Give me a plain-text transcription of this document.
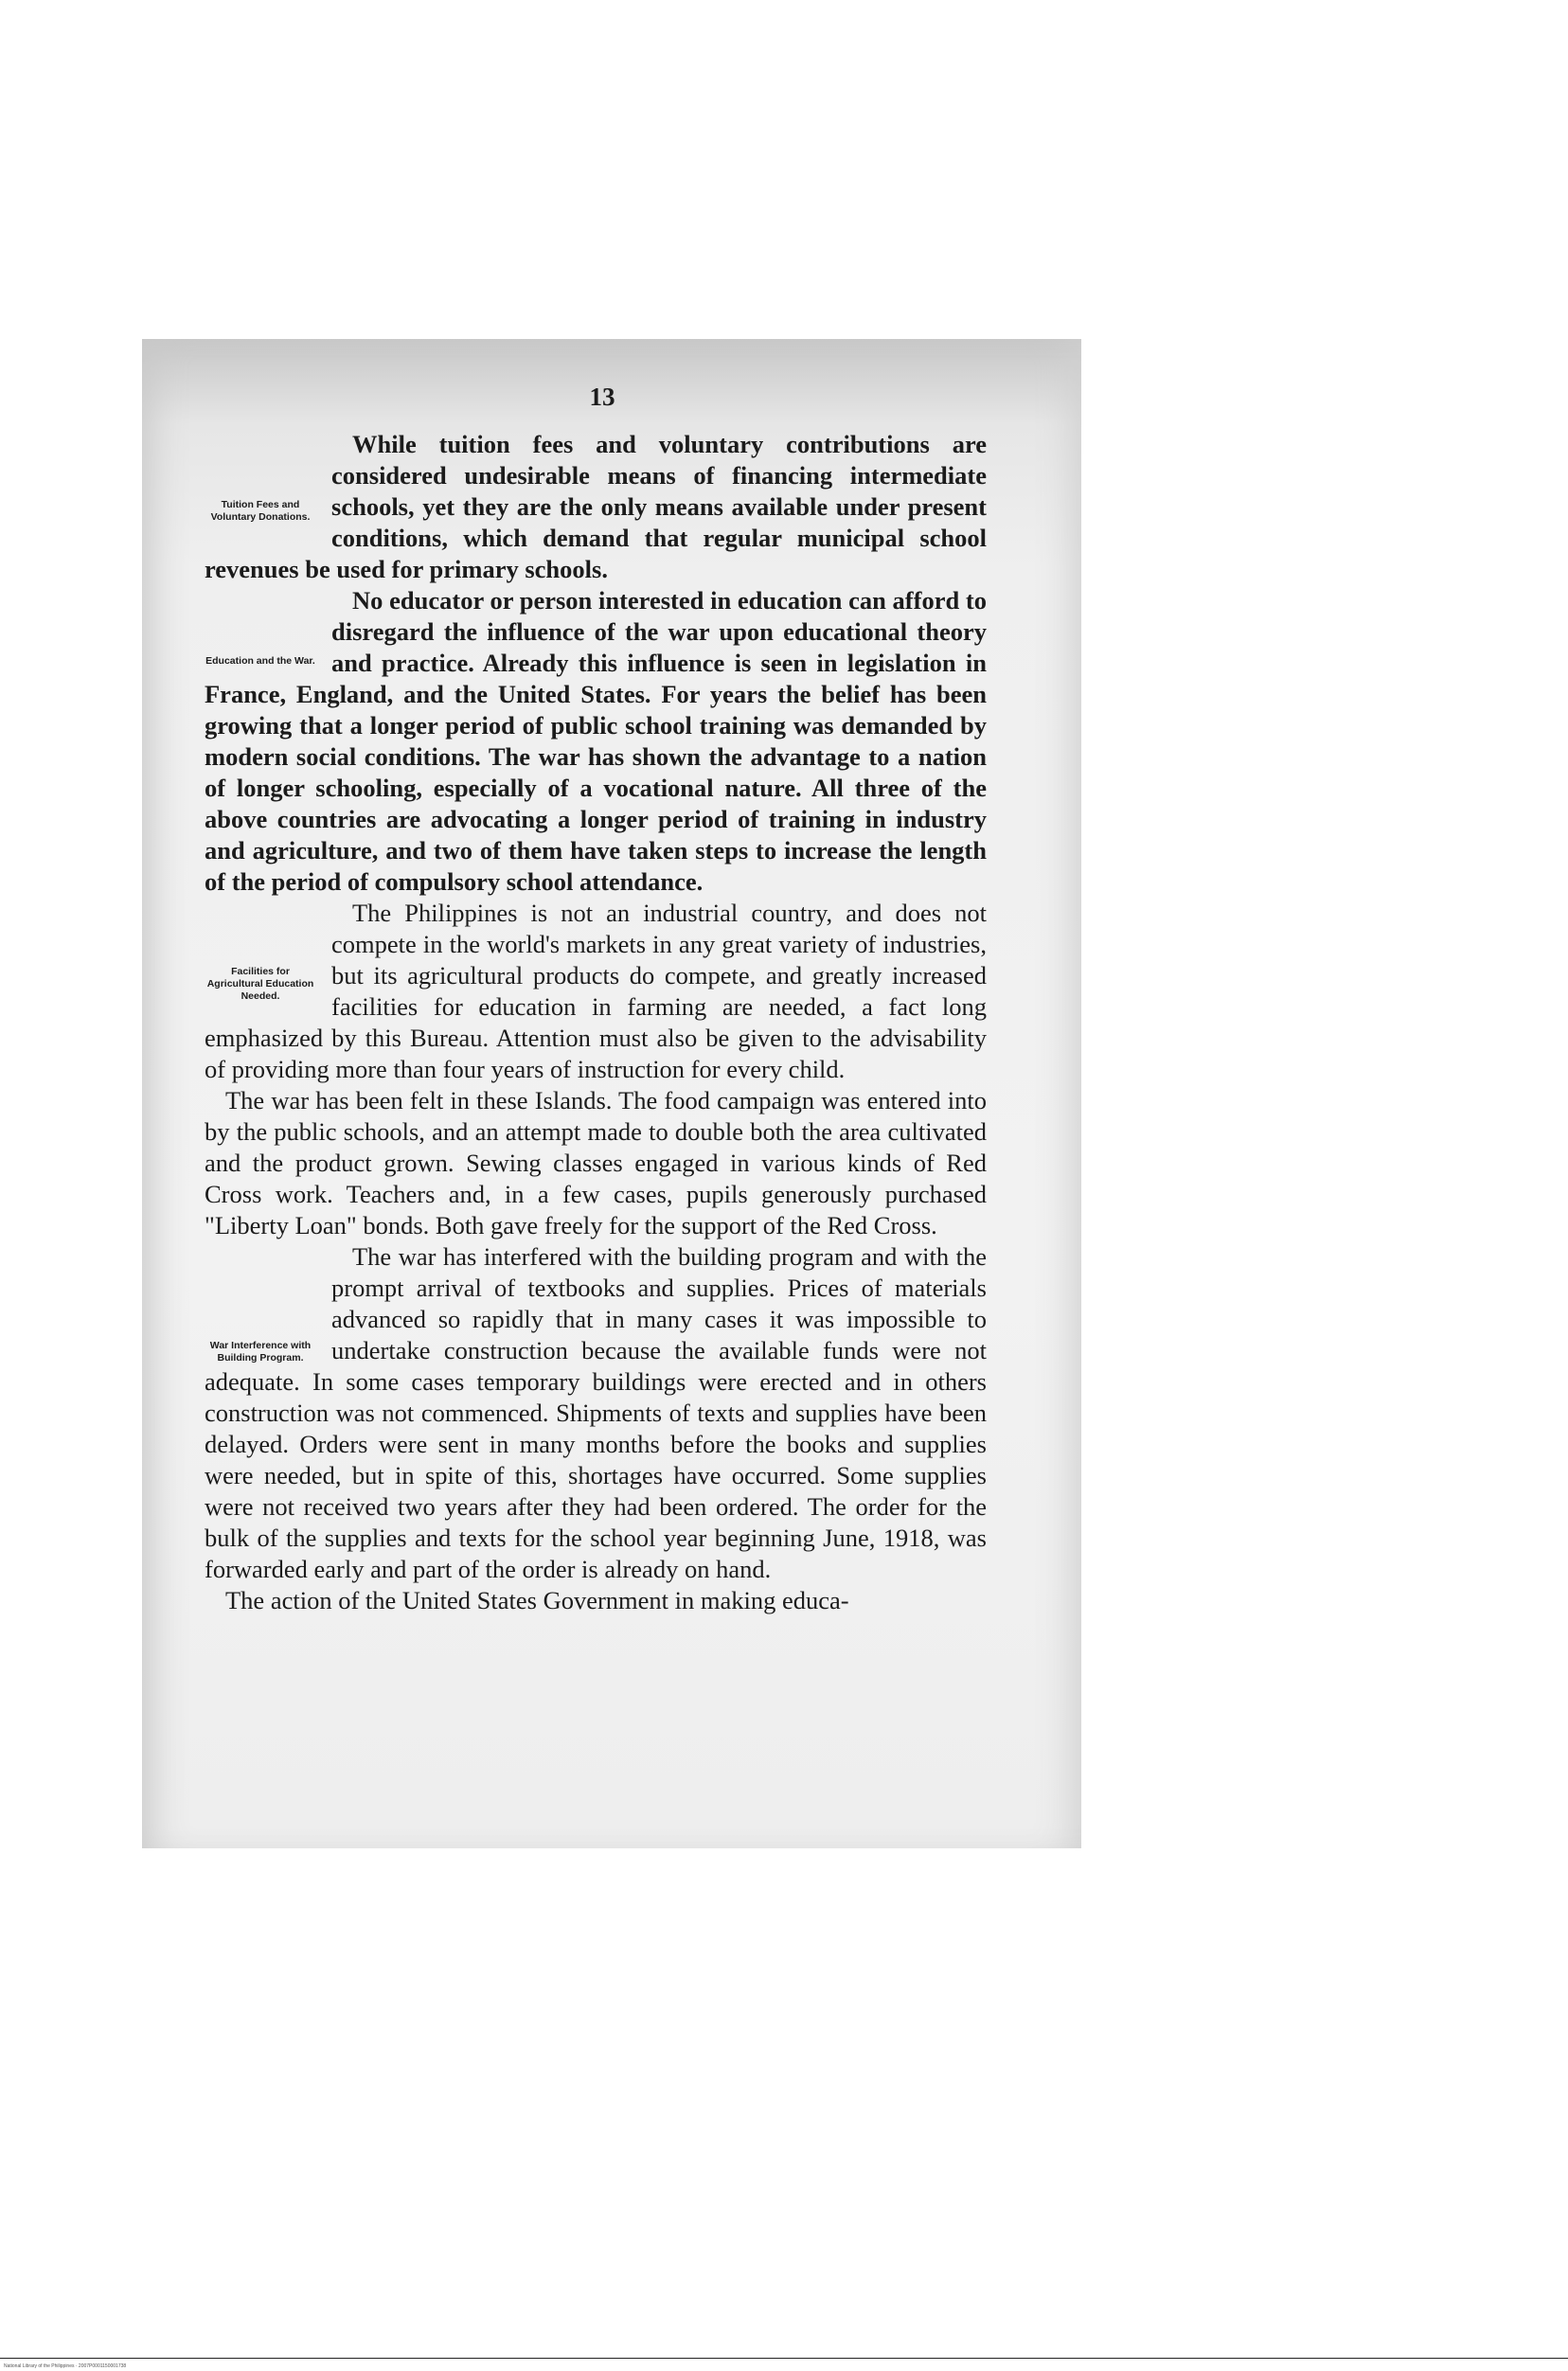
13

Tuition Fees and Voluntary Donations.
While tuition fees and voluntary contributions are considered undesirable means of financing intermediate schools, yet they are the only means available under present conditions, which demand that regular municipal school revenues be used for primary schools.

Education and the War.
No educator or person interested in education can afford to disregard the influence of the war upon educational theory and practice. Already this influence is seen in legislation in France, England, and the United States. For years the belief has been growing that a longer period of public school training was demanded by modern social conditions. The war has shown the advantage to a nation of longer schooling, especially of a vocational nature. All three of the above countries are advocating a longer period of training in industry and agriculture, and two of them have taken steps to increase the length of the period of compulsory school attendance.

Facilities for Agricultural Education Needed.
The Philippines is not an industrial country, and does not compete in the world's markets in any great variety of industries, but its agricultural products do compete, and greatly increased facilities for education in farming are needed, a fact long emphasized by this Bureau. Attention must also be given to the advisability of providing more than four years of instruction for every child.

The war has been felt in these Islands. The food campaign was entered into by the public schools, and an attempt made to double both the area cultivated and the product grown. Sewing classes engaged in various kinds of Red Cross work. Teachers and, in a few cases, pupils generously purchased "Liberty Loan" bonds. Both gave freely for the support of the Red Cross.

War Interference with Building Program.
The war has interfered with the building program and with the prompt arrival of textbooks and supplies. Prices of materials advanced so rapidly that in many cases it was impossible to undertake construction because the available funds were not adequate. In some cases temporary buildings were erected and in others construction was not commenced. Shipments of texts and supplies have been delayed. Orders were sent in many months before the books and supplies were needed, but in spite of this, shortages have occurred. Some supplies were not received two years after they had been ordered. The order for the bulk of the supplies and texts for the school year beginning June, 1918, was forwarded early and part of the order is already on hand.

The action of the United States Government in making educa-

National Library of the Philippines · 2007P0001150001738
